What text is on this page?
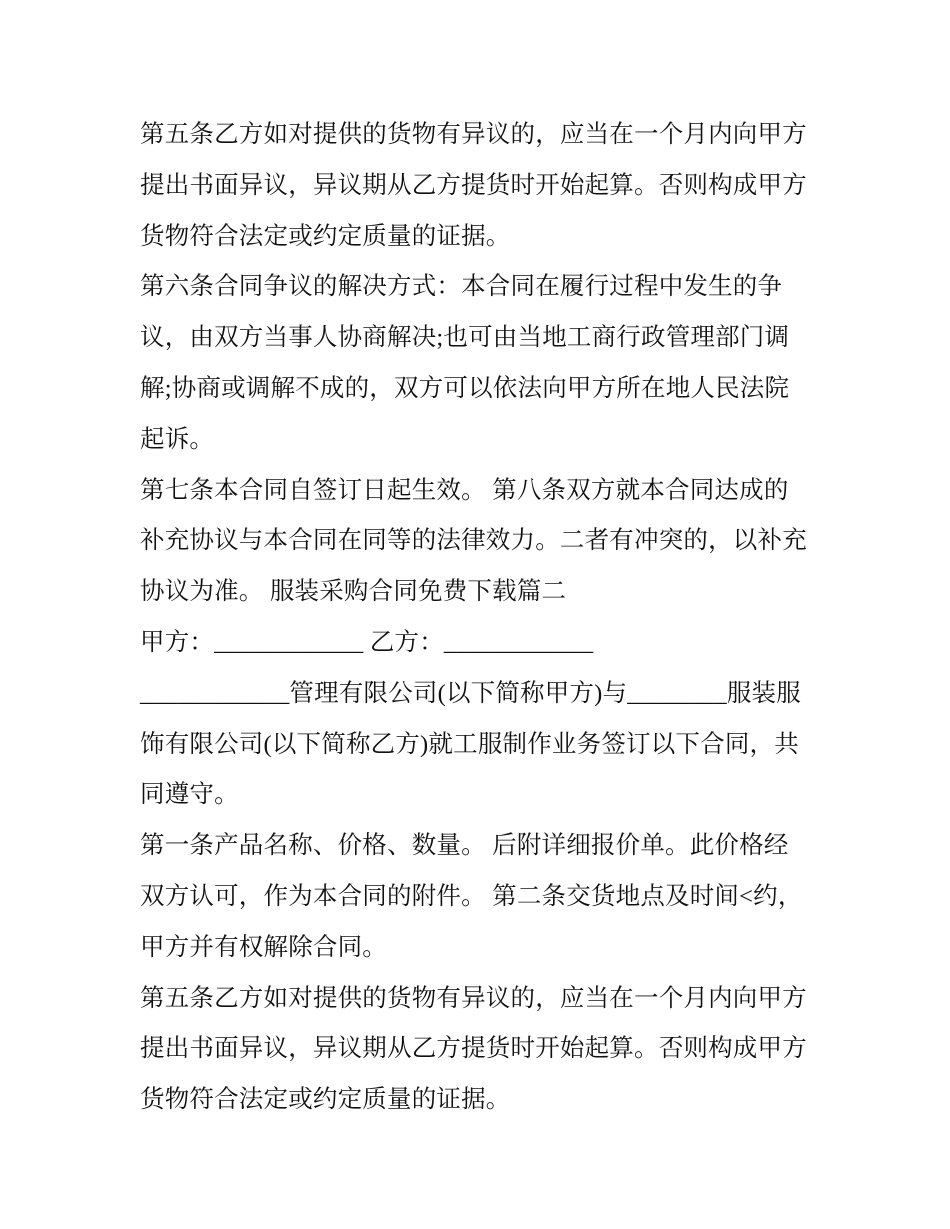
第五条乙方如对提供的货物有异议的，应当在一个月内向甲方
提出书面异议，异议期从乙方提货时开始起算。否则构成甲方
货物符合法定或约定质量的证据。
第六条合同争议的解决方式：本合同在履行过程中发生的争
议，由双方当事人协商解决;也可由当地工商行政管理部门调
解;协商或调解不成的，双方可以依法向甲方所在地人民法院
起诉。
第七条本合同自签订日起生效。 第八条双方就本合同达成的
补充协议与本合同在同等的法律效力。二者有冲突的，以补充
协议为准。 服装采购合同免费下载篇二
甲方：____________ 乙方：____________
____________管理有限公司(以下简称甲方)与________服装服
饰有限公司(以下简称乙方)就工服制作业务签订以下合同，共
同遵守。
第一条产品名称、价格、数量。 后附详细报价单。此价格经
双方认可，作为本合同的附件。 第二条交货地点及时间<约，
甲方并有权解除合同。
第五条乙方如对提供的货物有异议的，应当在一个月内向甲方
提出书面异议，异议期从乙方提货时开始起算。否则构成甲方
货物符合法定或约定质量的证据。
